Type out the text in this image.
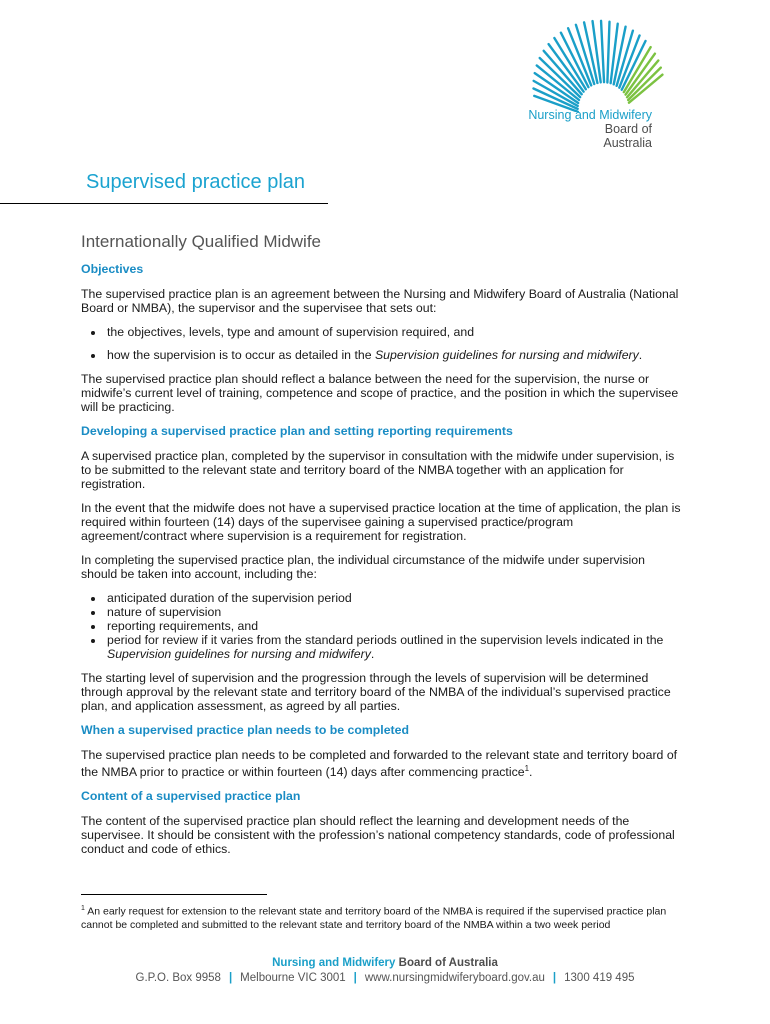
Nursing and Midwifery
Board of
Australia
Supervised practice plan
Internationally Qualified Midwife
Objectives

The supervised practice plan is an agreement between the Nursing and Midwifery Board of Australia (National Board or NMBA), the supervisor and the supervisee that sets out:

• the objectives, levels, type and amount of supervision required, and
• how the supervision is to occur as detailed in the Supervision guidelines for nursing and midwifery.

The supervised practice plan should reflect a balance between the need for the supervision, the nurse or midwife’s current level of training, competence and scope of practice, and the position in which the supervisee will be practicing.

Developing a supervised practice plan and setting reporting requirements

A supervised practice plan, completed by the supervisor in consultation with the midwife under supervision, is to be submitted to the relevant state and territory board of the NMBA together with an application for registration.

In the event that the midwife does not have a supervised practice location at the time of application, the plan is required within fourteen (14) days of the supervisee gaining a supervised practice/program agreement/contract where supervision is a requirement for registration.

In completing the supervised practice plan, the individual circumstance of the midwife under supervision should be taken into account, including the:

• anticipated duration of the supervision period
• nature of supervision
• reporting requirements, and
• period for review if it varies from the standard periods outlined in the supervision levels indicated in the Supervision guidelines for nursing and midwifery.

The starting level of supervision and the progression through the levels of supervision will be determined through approval by the relevant state and territory board of the NMBA of the individual’s supervised practice plan, and application assessment, as agreed by all parties.

When a supervised practice plan needs to be completed

The supervised practice plan needs to be completed and forwarded to the relevant state and territory board of the NMBA prior to practice or within fourteen (14) days after commencing practice$^1$.

Content of a supervised practice plan

The content of the supervised practice plan should reflect the learning and development needs of the supervisee. It should be consistent with the profession’s national competency standards, code of professional conduct and code of ethics.

$^1$ An early request for extension to the relevant state and territory board of the NMBA is required if the supervised practice plan cannot be completed and submitted to the relevant state and territory board of the NMBA within a two week period
Nursing and Midwifery Board of Australia
G.P.O. Box 9958 | Melbourne VIC 3001 | www.nursingmidwiferyboard.gov.au | 1300 419 495
